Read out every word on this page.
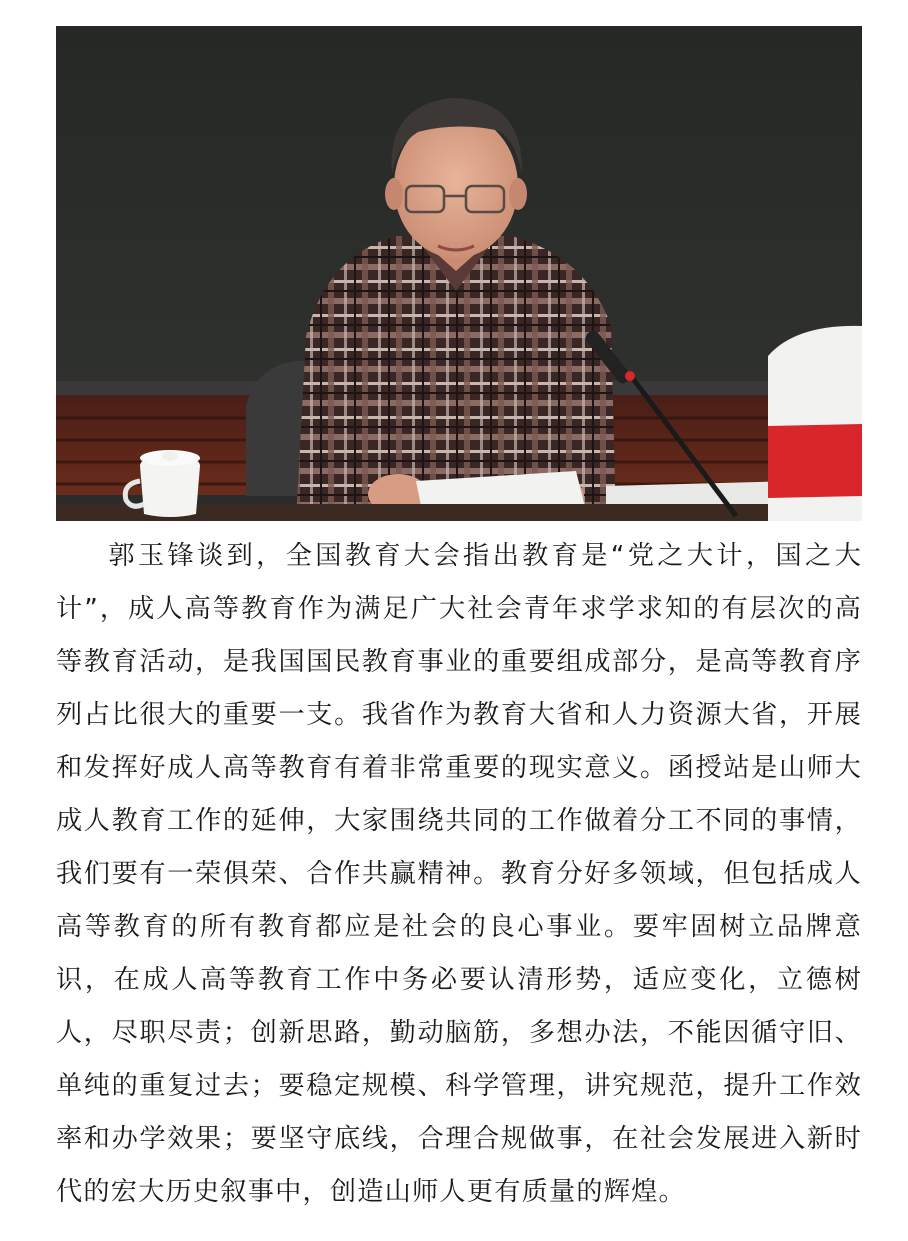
郭玉锋谈到，全国教育大会指出教育是“党之大计，国之大计”，成人高等教育作为满足广大社会青年求学求知的有层次的高等教育活动，是我国国民教育事业的重要组成部分，是高等教育序列占比很大的重要一支。我省作为教育大省和人力资源大省，开展和发挥好成人高等教育有着非常重要的现实意义。函授站是山师大成人教育工作的延伸，大家围绕共同的工作做着分工不同的事情，我们要有一荣俱荣、合作共赢精神。教育分好多领域，但包括成人高等教育的所有教育都应是社会的良心事业。要牢固树立品牌意识，在成人高等教育工作中务必要认清形势，适应变化，立德树人，尽职尽责；创新思路，勤动脑筋，多想办法，不能因循守旧、单纯的重复过去；要稳定规模、科学管理，讲究规范，提升工作效率和办学效果；要坚守底线，合理合规做事，在社会发展进入新时代的宏大历史叙事中，创造山师人更有质量的辉煌。
